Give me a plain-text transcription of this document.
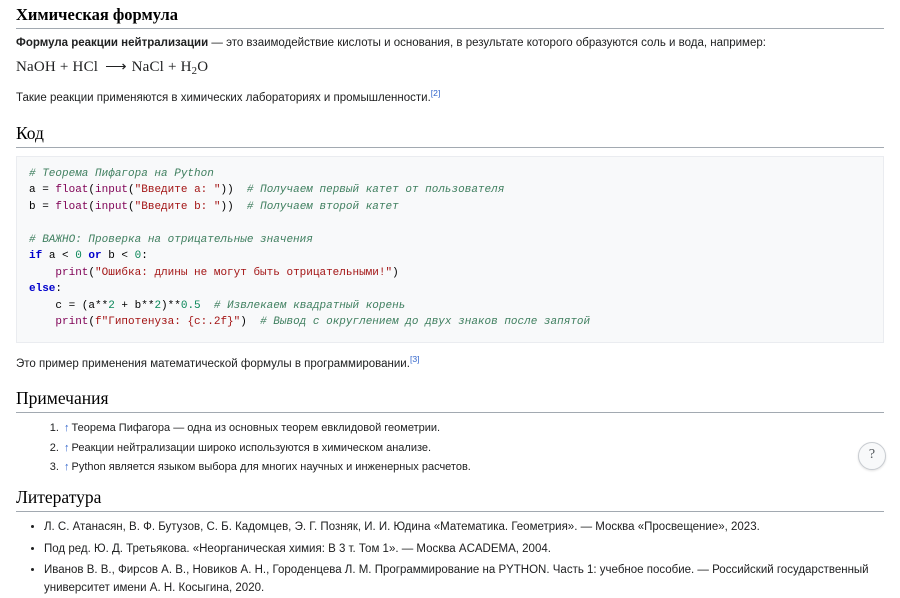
Химическая формула

Формула реакции нейтрализации — это взаимодействие кислоты и основания, в результате которого образуются соль и вода, например:

NaOH + HCl ⟶ NaCl + $H_2O$

Такие реакции применяются в химических лабораториях и промышленности.[2]

Код
# Теорема Пифагора на Python
a = float(input("Введите a: "))  # Получаем первый катет от пользователя
b = float(input("Введите b: "))  # Получаем второй катет

# ВАЖНО: Проверка на отрицательные значения
if a < 0 or b < 0:
print("Ошибка: длины не могут быть отрицательными!")
else:
c = (a**2 + b**2)**0.5 # Извлекаем квадратный корень
print(f"Гипотенуза: {c:.2f}")  # Вывод с округлением до двух знаков после запятой

Это пример применения математической формулы в программировании.[3]

Примечания
1. ↑ Теорема Пифагора — одна из основных теорем евклидовой геометрии.
2. ↑ Реакции нейтрализации широко используются в химическом анализе.
3. ↑ Python является языком выбора для многих научных и инженерных расчетов.
Литература
• Л. С. Атанасян, В. Ф. Бутузов, С. Б. Кадомцев, Э. Г. Позняк, И. И. Юдина «Математика. Геометрия». — Москва «Просвещение», 2023.
• Под ред. Ю. Д. Третьякова. «Неорганическая химия: В 3 т. Том 1». — Москва ACADEMA, 2004.
• Иванов В. В., Фирсов А. В., Новиков А. Н., Городенцева Л. М. Программирование на PYTHON. Часть 1: учебное пособие. — Российский государственный университет имени А. Н. Косыгина, 2020.
?
